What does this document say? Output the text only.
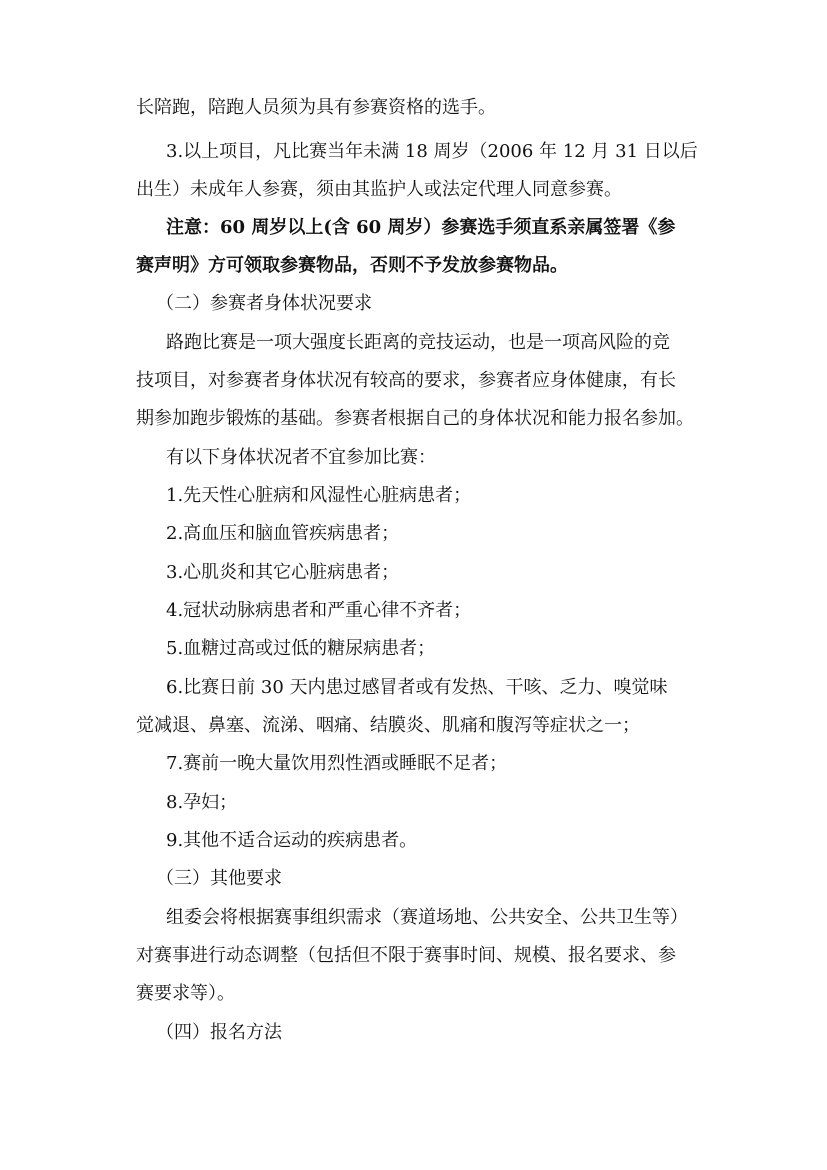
长陪跑，陪跑人员须为具有参赛资格的选手。
3.以上项目，凡比赛当年未满 18 周岁（2006 年 12 月 31 日以后
出生）未成年人参赛，须由其监护人或法定代理人同意参赛。
注意：60 周岁以上(含 60 周岁）参赛选手须直系亲属签署《参
赛声明》方可领取参赛物品，否则不予发放参赛物品。
（二）参赛者身体状况要求
路跑比赛是一项大强度长距离的竞技运动，也是一项高风险的竞
技项目，对参赛者身体状况有较高的要求，参赛者应身体健康，有长
期参加跑步锻炼的基础。参赛者根据自己的身体状况和能力报名参加。
有以下身体状况者不宜参加比赛：
1.先天性心脏病和风湿性心脏病患者；
2.高血压和脑血管疾病患者；
3.心肌炎和其它心脏病患者；
4.冠状动脉病患者和严重心律不齐者；
5.血糖过高或过低的糖尿病患者；
6.比赛日前 30 天内患过感冒者或有发热、干咳、乏力、嗅觉味
觉减退、鼻塞、流涕、咽痛、结膜炎、肌痛和腹泻等症状之一；
7.赛前一晚大量饮用烈性酒或睡眠不足者；
8.孕妇；
9.其他不适合运动的疾病患者。
（三）其他要求
组委会将根据赛事组织需求（赛道场地、公共安全、公共卫生等）
对赛事进行动态调整（包括但不限于赛事时间、规模、报名要求、参
赛要求等）。
（四）报名方法
